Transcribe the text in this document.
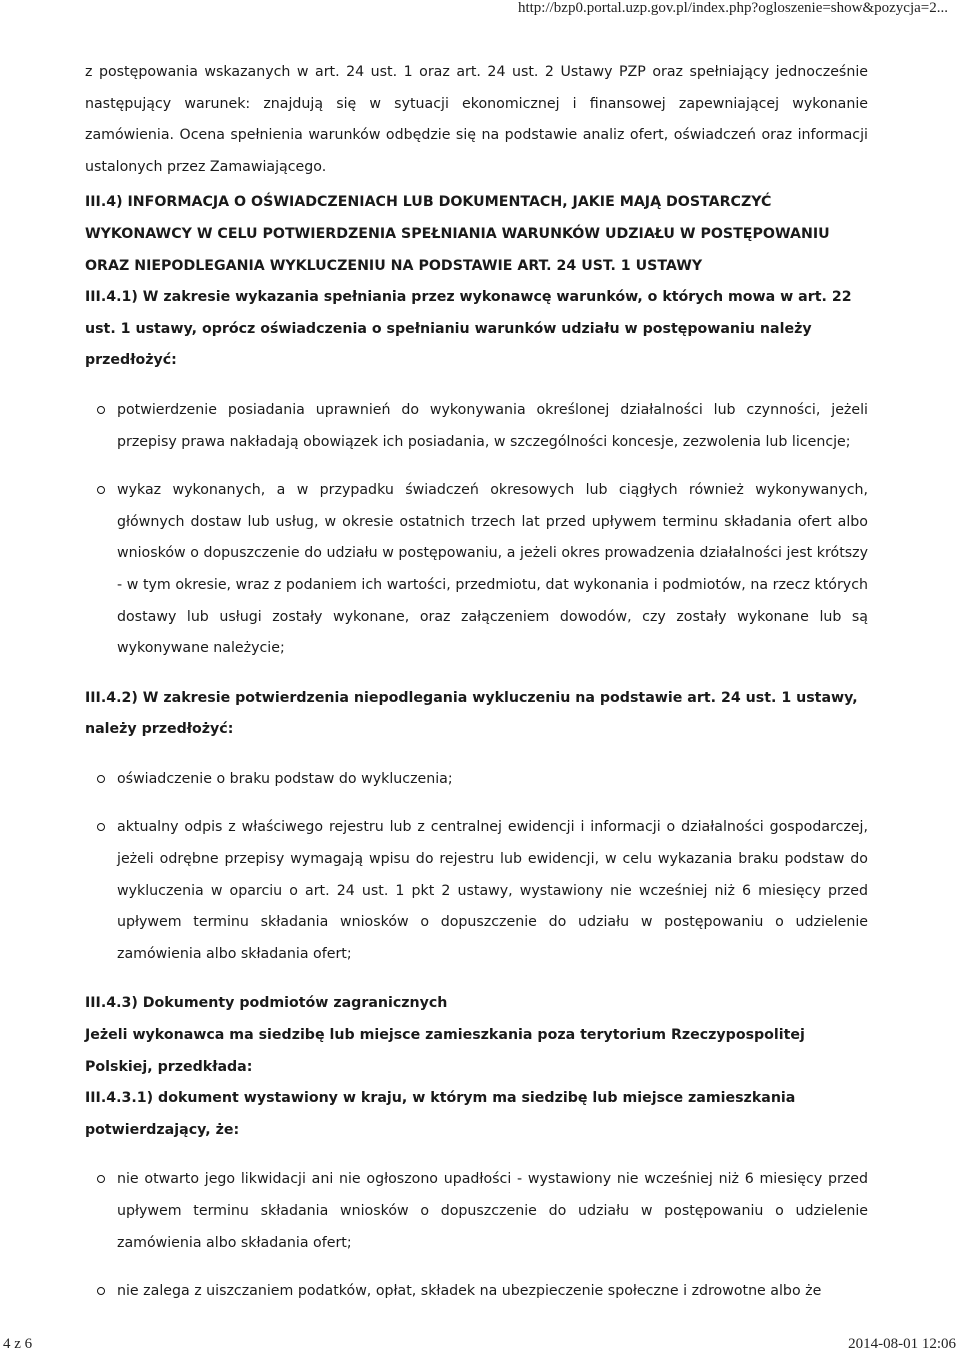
http://bzp0.portal.uzp.gov.pl/index.php?ogloszenie=show&pozycja=2...

z postępowania wskazanych w art. 24 ust. 1 oraz art. 24 ust. 2 Ustawy PZP oraz spełniający jednocześnie następujący warunek: znajdują się w sytuacji ekonomicznej i finansowej zapewniającej wykonanie zamówienia. Ocena spełnienia warunków odbędzie się na podstawie analiz ofert, oświadczeń oraz informacji ustalonych przez Zamawiającego.

III.4) INFORMACJA O OŚWIADCZENIACH LUB DOKUMENTACH, JAKIE MAJĄ DOSTARCZYĆ WYKONAWCY W CELU POTWIERDZENIA SPEŁNIANIA WARUNKÓW UDZIAŁU W POSTĘPOWANIU ORAZ NIEPODLEGANIA WYKLUCZENIU NA PODSTAWIE ART. 24 UST. 1 USTAWY

III.4.1) W zakresie wykazania spełniania przez wykonawcę warunków, o których mowa w art. 22 ust. 1 ustawy, oprócz oświadczenia o spełnianiu warunków udziału w postępowaniu należy przedłożyć:

potwierdzenie posiadania uprawnień do wykonywania określonej działalności lub czynności, jeżeli przepisy prawa nakładają obowiązek ich posiadania, w szczególności koncesje, zezwolenia lub licencje;
wykaz wykonanych, a w przypadku świadczeń okresowych lub ciągłych również wykonywanych, głównych dostaw lub usług, w okresie ostatnich trzech lat przed upływem terminu składania ofert albo wniosków o dopuszczenie do udziału w postępowaniu, a jeżeli okres prowadzenia działalności jest krótszy - w tym okresie, wraz z podaniem ich wartości, przedmiotu, dat wykonania i podmiotów, na rzecz których dostawy lub usługi zostały wykonane, oraz załączeniem dowodów, czy zostały wykonane lub są wykonywane należycie;

III.4.2) W zakresie potwierdzenia niepodlegania wykluczeniu na podstawie art. 24 ust. 1 ustawy, należy przedłożyć:

oświadczenie o braku podstaw do wykluczenia;
aktualny odpis z właściwego rejestru lub z centralnej ewidencji i informacji o działalności gospodarczej, jeżeli odrębne przepisy wymagają wpisu do rejestru lub ewidencji, w celu wykazania braku podstaw do wykluczenia w oparciu o art. 24 ust. 1 pkt 2 ustawy, wystawiony nie wcześniej niż 6 miesięcy przed upływem terminu składania wniosków o dopuszczenie do udziału w postępowaniu o udzielenie zamówienia albo składania ofert;

III.4.3) Dokumenty podmiotów zagranicznych

Jeżeli wykonawca ma siedzibę lub miejsce zamieszkania poza terytorium Rzeczypospolitej Polskiej, przedkłada:

III.4.3.1) dokument wystawiony w kraju, w którym ma siedzibę lub miejsce zamieszkania potwierdzający, że:

nie otwarto jego likwidacji ani nie ogłoszono upadłości - wystawiony nie wcześniej niż 6 miesięcy przed upływem terminu składania wniosków o dopuszczenie do udziału w postępowaniu o udzielenie zamówienia albo składania ofert;
nie zalega z uiszczaniem podatków, opłat, składek na ubezpieczenie społeczne i zdrowotne albo że
4 z 6	2014-08-01 12:06
